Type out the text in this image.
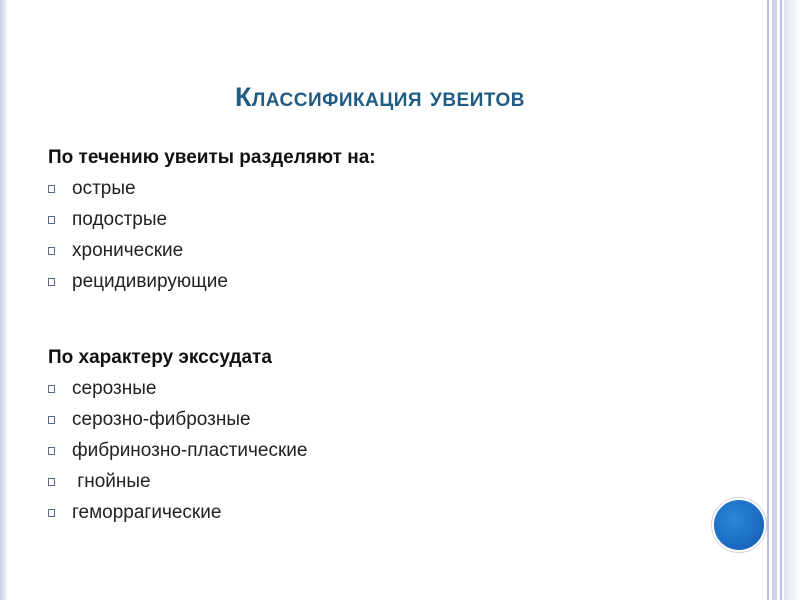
Классификация увеитов
По течению увеиты разделяют на:
острые
подострые
хронические
рецидивирующие
По характеру экссудата
серозные
серозно-фиброзные
фибринозно-пластические
гнойные
геморрагические
